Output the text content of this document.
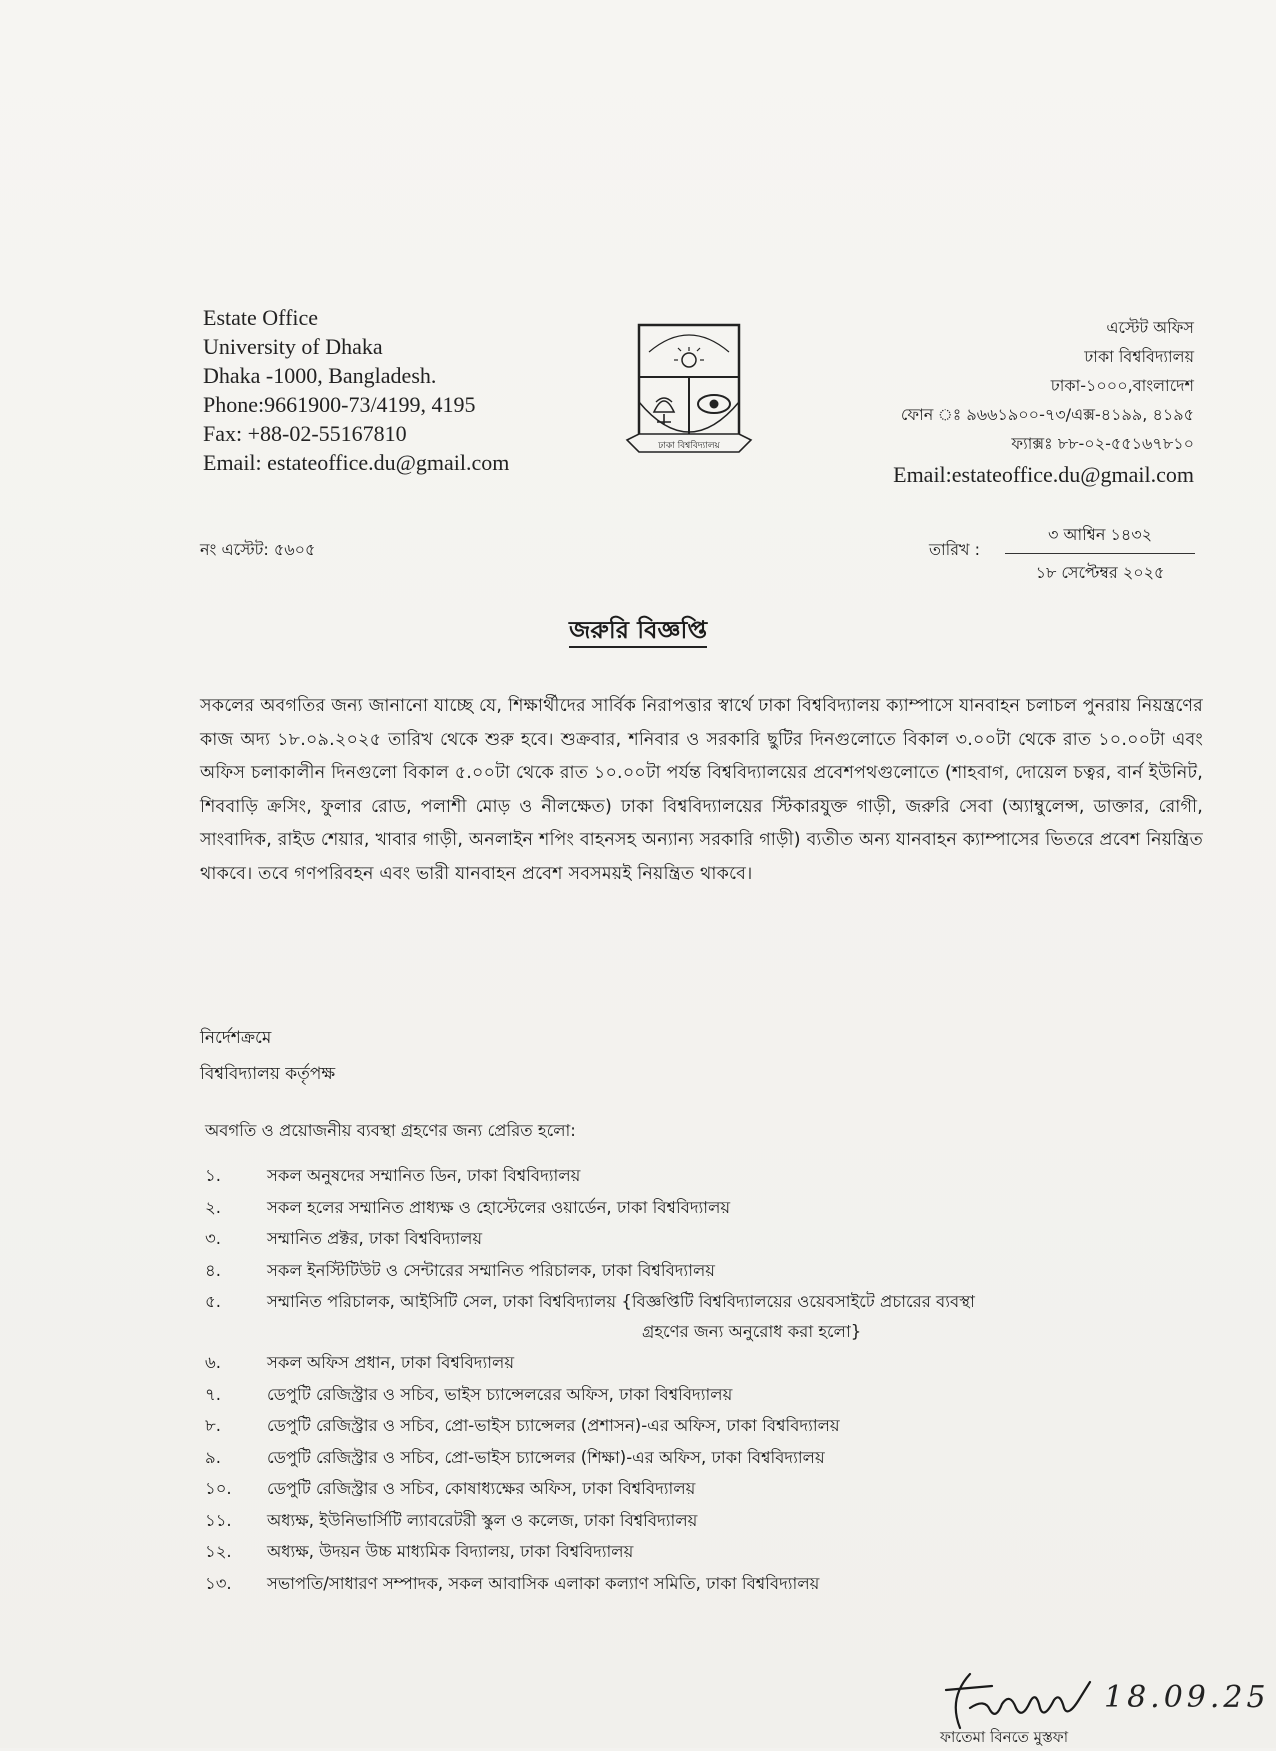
Estate Office
University of Dhaka
Dhaka -1000, Bangladesh.
Phone:9661900-73/4199, 4195
Fax: +88-02-55167810
Email: estateoffice.du@gmail.com
ঢাকা বিশ্ববিদ্যালয়
এস্টেট অফিস
ঢাকা বিশ্ববিদ্যালয়
ঢাকা-১০০০,বাংলাদেশ
ফোন ঃ ৯৬৬১৯০০-৭৩/এক্স-৪১৯৯, ৪১৯৫
ফ্যাক্সঃ ৮৮-০২-৫৫১৬৭৮১০
Email:estateoffice.du@gmail.com
নং এস্টেট: ৫৬০৫	তারিখ :
৩ আশ্বিন ১৪৩২
১৮ সেপ্টেম্বর ২০২৫
জরুরি বিজ্ঞপ্তি
সকলের অবগতির জন্য জানানো যাচ্ছে যে, শিক্ষার্থীদের সার্বিক নিরাপত্তার স্বার্থে ঢাকা বিশ্ববিদ্যালয় ক্যাম্পাসে যানবাহন চলাচল পুনরায় নিয়ন্ত্রণের কাজ অদ্য ১৮.০৯.২০২৫ তারিখ থেকে শুরু হবে। শুক্রবার, শনিবার ও সরকারি ছুটির দিনগুলোতে বিকাল ৩.০০টা থেকে রাত ১০.০০টা এবং অফিস চলাকালীন দিনগুলো বিকাল ৫.০০টা থেকে রাত ১০.০০টা পর্যন্ত বিশ্ববিদ্যালয়ের প্রবেশপথগুলোতে (শাহবাগ, দোয়েল চত্বর, বার্ন ইউনিট, শিববাড়ি ক্রসিং, ফুলার রোড, পলাশী মোড় ও নীলক্ষেত) ঢাকা বিশ্ববিদ্যালয়ের স্টিকারযুক্ত গাড়ী, জরুরি সেবা (অ্যাম্বুলেন্স, ডাক্তার, রোগী, সাংবাদিক, রাইড শেয়ার, খাবার গাড়ী, অনলাইন শপিং বাহনসহ অন্যান্য সরকারি গাড়ী) ব্যতীত অন্য যানবাহন ক্যাম্পাসের ভিতরে প্রবেশ নিয়ন্ত্রিত থাকবে। তবে গণপরিবহন এবং ভারী যানবাহন প্রবেশ সবসময়ই নিয়ন্ত্রিত থাকবে।
নির্দেশক্রমে
বিশ্ববিদ্যালয় কর্তৃপক্ষ
অবগতি ও প্রয়োজনীয় ব্যবস্থা গ্রহণের জন্য প্রেরিত হলো:
১.	সকল অনুষদের সম্মানিত ডিন, ঢাকা বিশ্ববিদ্যালয়
২.	সকল হলের সম্মানিত প্রাধ্যক্ষ ও হোস্টেলের ওয়ার্ডেন, ঢাকা বিশ্ববিদ্যালয়
৩.	সম্মানিত প্রক্টর, ঢাকা বিশ্ববিদ্যালয়
৪.	সকল ইনস্টিটিউট ও সেন্টারের সম্মানিত পরিচালক, ঢাকা বিশ্ববিদ্যালয়
৫.	সম্মানিত পরিচালক, আইসিটি সেল, ঢাকা বিশ্ববিদ্যালয় {বিজ্ঞপ্তিটি বিশ্ববিদ্যালয়ের ওয়েবসাইটে প্রচারের ব্যবস্থা
গ্রহণের জন্য অনুরোধ করা হলো}
৬.	সকল অফিস প্রধান, ঢাকা বিশ্ববিদ্যালয়
৭.	ডেপুটি রেজিস্ট্রার ও সচিব, ভাইস চ্যান্সেলরের অফিস, ঢাকা বিশ্ববিদ্যালয়
৮.	ডেপুটি রেজিস্ট্রার ও সচিব, প্রো-ভাইস চ্যান্সেলর (প্রশাসন)-এর অফিস, ঢাকা বিশ্ববিদ্যালয়
৯.	ডেপুটি রেজিস্ট্রার ও সচিব, প্রো-ভাইস চ্যান্সেলর (শিক্ষা)-এর অফিস, ঢাকা বিশ্ববিদ্যালয়
১০.	ডেপুটি রেজিস্ট্রার ও সচিব, কোষাধ্যক্ষের অফিস, ঢাকা বিশ্ববিদ্যালয়
১১.	অধ্যক্ষ, ইউনিভার্সিটি ল্যাবরেটরী স্কুল ও কলেজ, ঢাকা বিশ্ববিদ্যালয়
১২.	অধ্যক্ষ, উদয়ন উচ্চ মাধ্যমিক বিদ্যালয়, ঢাকা বিশ্ববিদ্যালয়
১৩.	সভাপতি/সাধারণ সম্পাদক, সকল আবাসিক এলাকা কল্যাণ সমিতি, ঢাকা বিশ্ববিদ্যালয়
18.09.25
ফাতেমা বিনতে মুস্তফা
